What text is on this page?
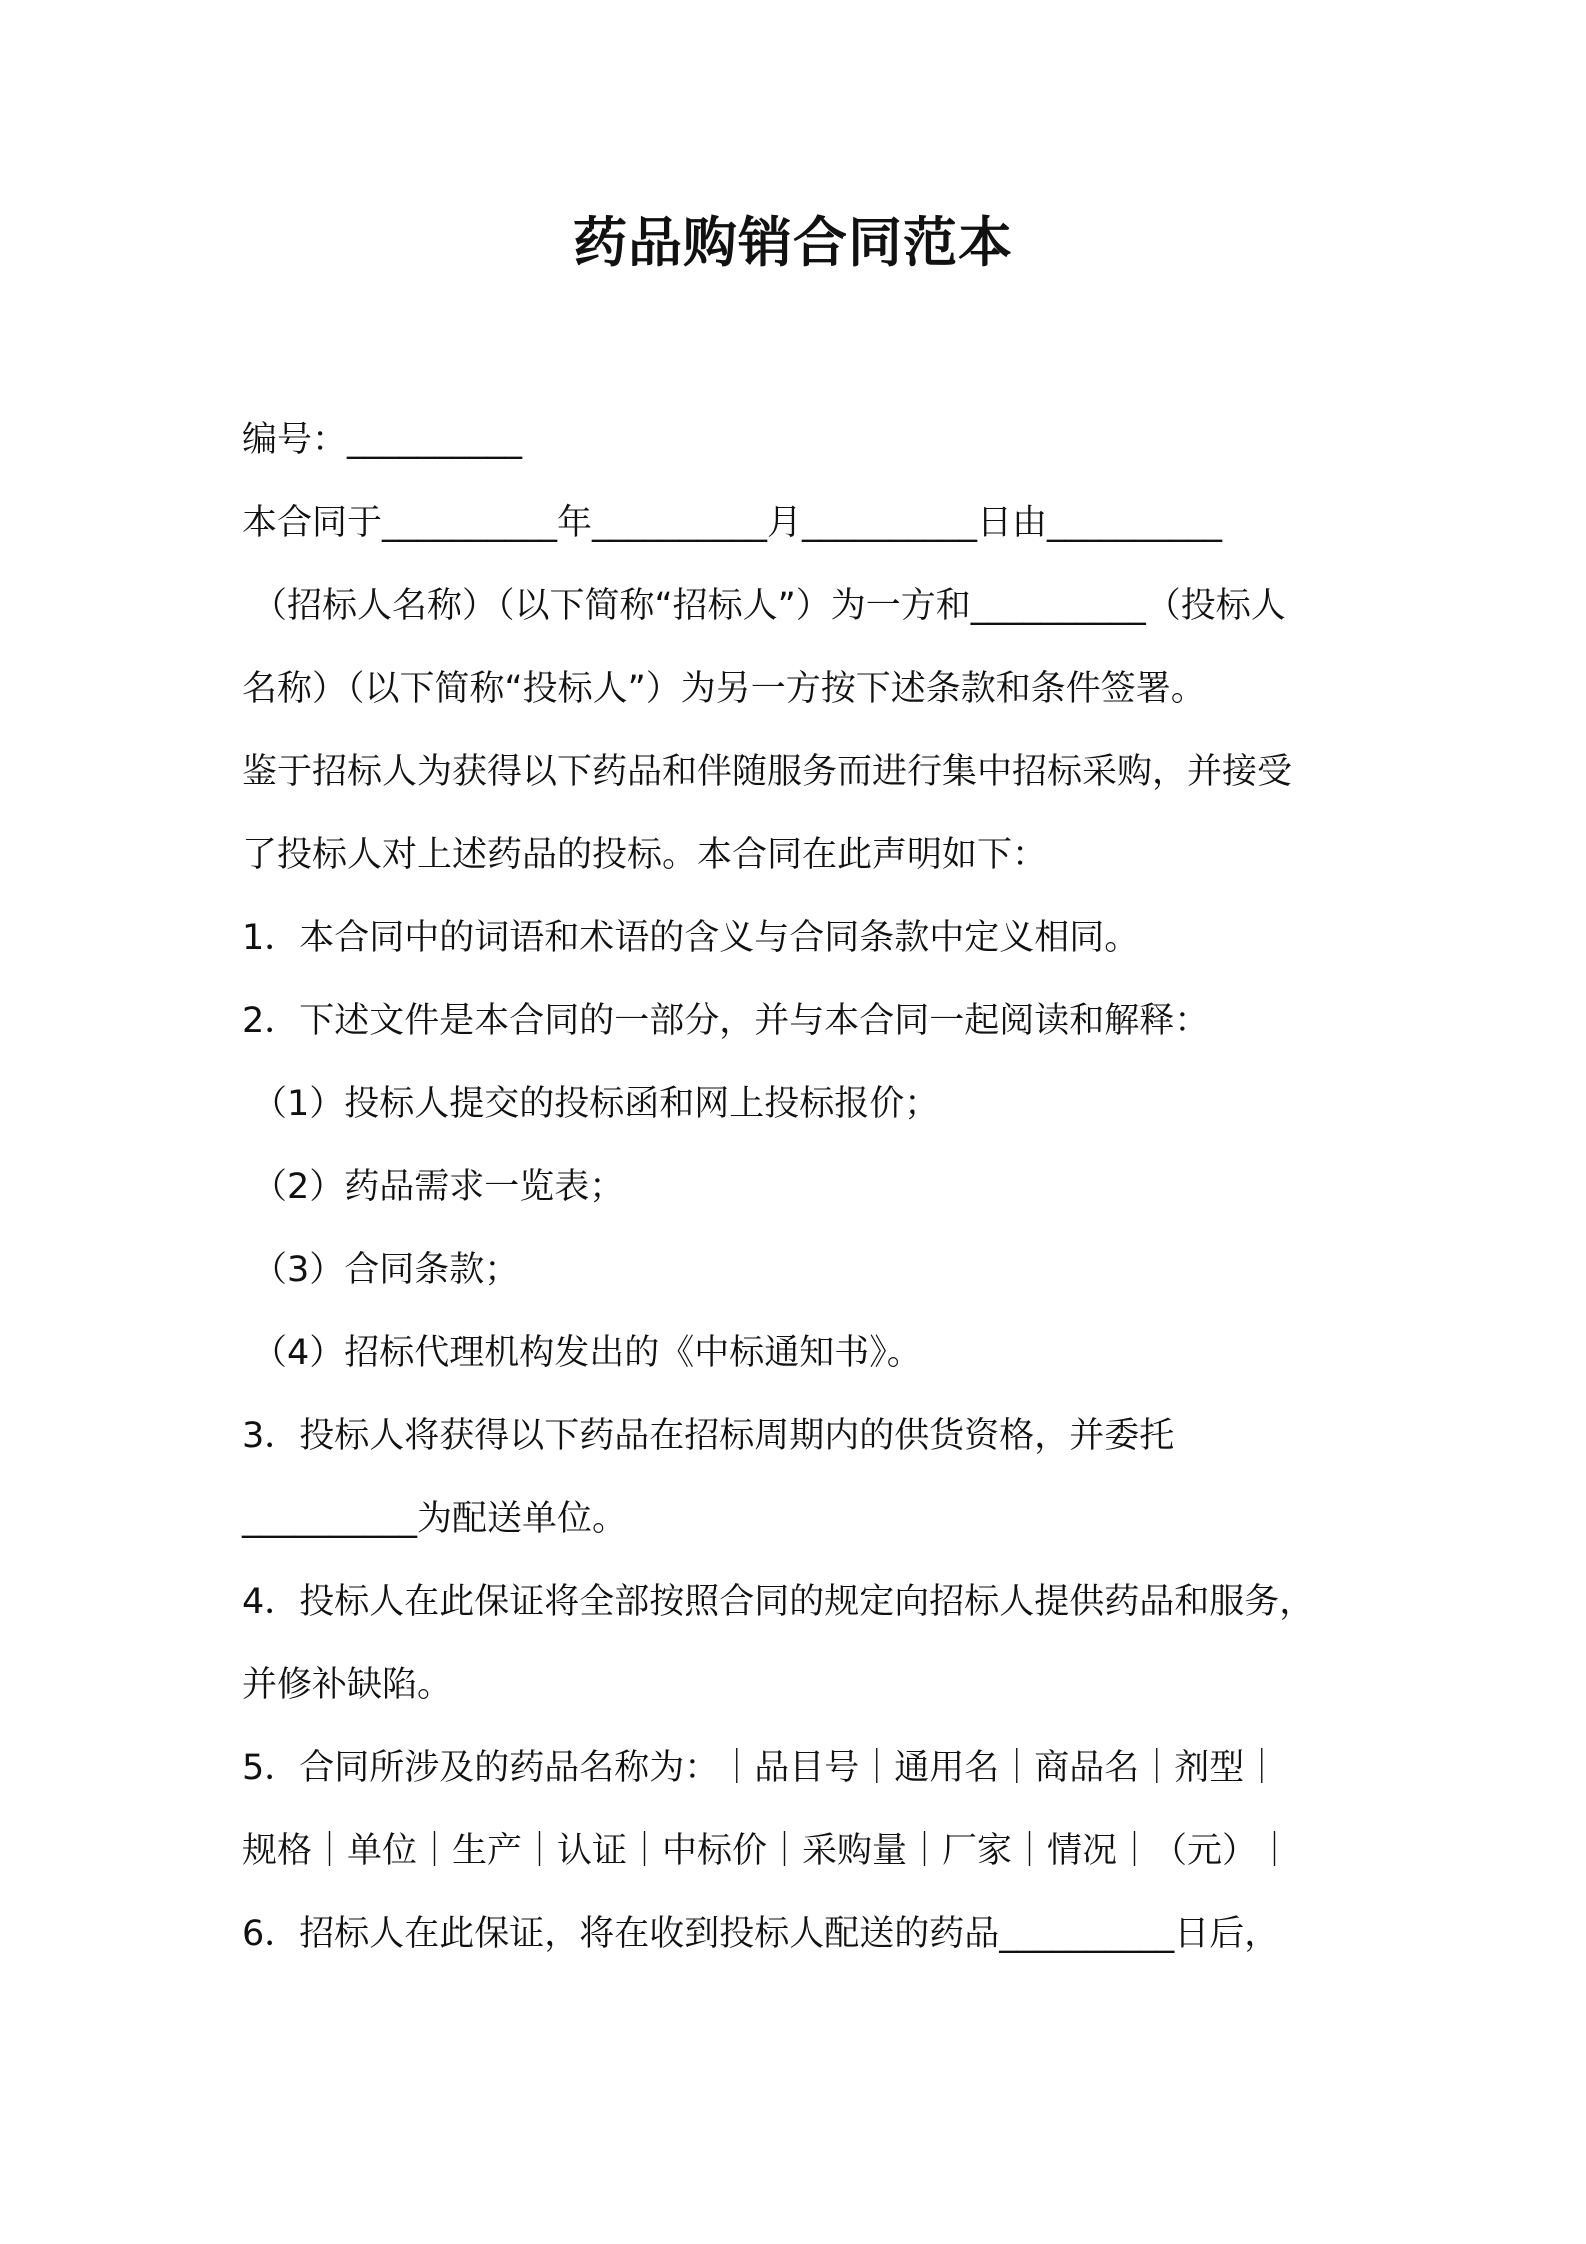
药品购销合同范本
编号：__________
本合同于__________年__________月__________日由__________
（招标人名称）（以下简称“招标人”）为一方和__________（投标人
名称）（以下简称“投标人”）为另一方按下述条款和条件签署。
鉴于招标人为获得以下药品和伴随服务而进行集中招标采购，并接受
了投标人对上述药品的投标。本合同在此声明如下：
1．本合同中的词语和术语的含义与合同条款中定义相同。
2．下述文件是本合同的一部分，并与本合同一起阅读和解释：
（1）投标人提交的投标函和网上投标报价；
（2）药品需求一览表；
（3）合同条款；
（4）招标代理机构发出的《中标通知书》。
3．投标人将获得以下药品在招标周期内的供货资格，并委托
__________为配送单位。
4．投标人在此保证将全部按照合同的规定向招标人提供药品和服务，
并修补缺陷。
5．合同所涉及的药品名称为：｜品目号｜通用名｜商品名｜剂型｜
规格｜单位｜生产｜认证｜中标价｜采购量｜厂家｜情况｜（元）｜
6．招标人在此保证，将在收到投标人配送的药品__________日后，
